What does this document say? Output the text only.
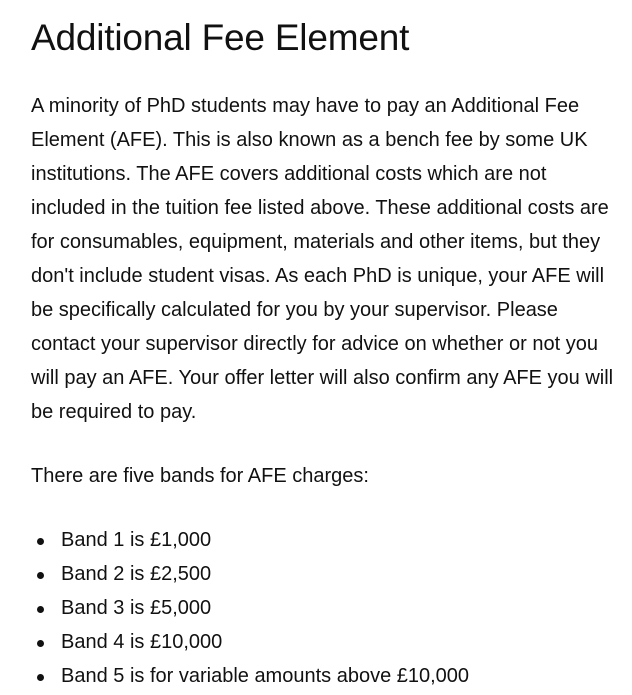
Additional Fee Element

A minority of PhD students may have to pay an Additional Fee Element (AFE). This is also known as a bench fee by some UK institutions. The AFE covers additional costs which are not included in the tuition fee listed above. These additional costs are for consumables, equipment, materials and other items, but they don't include student visas. As each PhD is unique, your AFE will be specifically calculated for you by your supervisor. Please contact your supervisor directly for advice on whether or not you will pay an AFE. Your offer letter will also confirm any AFE you will be required to pay.

There are five bands for AFE charges:

Band 1 is £1,000
Band 2 is £2,500
Band 3 is £5,000
Band 4 is £10,000
Band 5 is for variable amounts above £10,000
